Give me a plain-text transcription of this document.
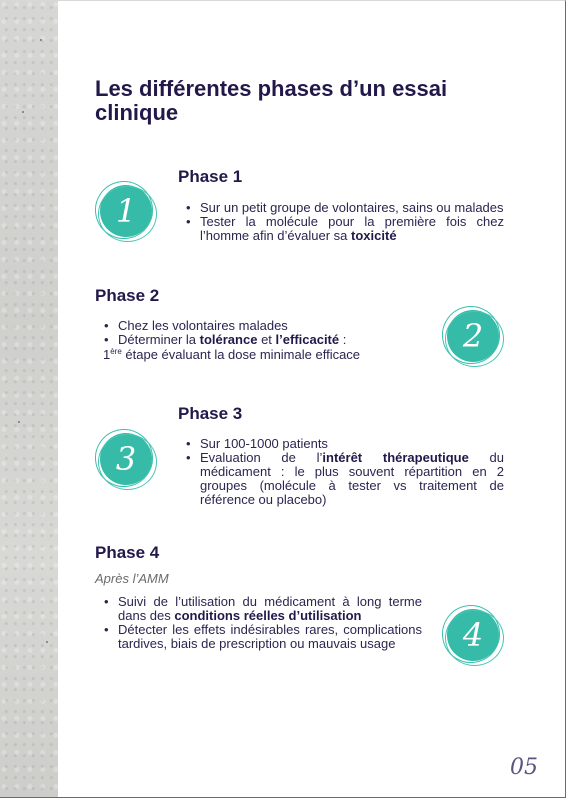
Les différentes phases d’un essai clinique
Phase 1
1	• Sur un petit groupe de volontaires, sains ou malades
• Tester la molécule pour la première fois chez l’homme afin d’évaluer sa toxicité
Phase 2
2
• Chez les volontaires malades
• Déterminer la tolérance et l’efficacité :
1ère étape évaluant la dose minimale efficace
Phase 3
3	• Sur 100-1000 patients
• Evaluation de l’intérêt thérapeutique du médicament : le plus souvent répartition en 2 groupes (molécule à tester vs traitement de référence ou placebo)
Phase 4
Après l’AMM
• Suivi de l’utilisation du médicament à long terme dans des conditions réelles d’utilisation
• Détecter les effets indésirables rares, complications tardives, biais de prescription ou mauvais usage	4
05
